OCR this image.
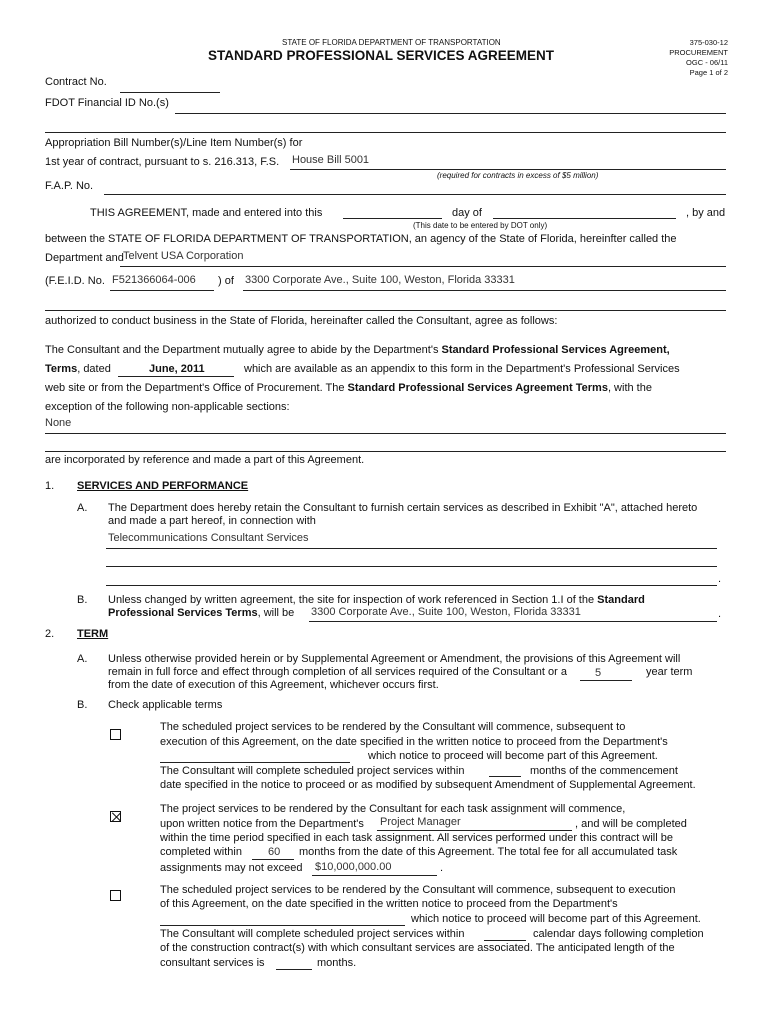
STATE OF FLORIDA DEPARTMENT OF TRANSPORTATION
STANDARD PROFESSIONAL SERVICES AGREEMENT
375-030-12
PROCUREMENT
OGC - 06/11
Page 1 of 2
Contract No.
FDOT Financial ID No.(s)
Appropriation Bill Number(s)/Line Item Number(s) for
1st year of contract, pursuant to s. 216.313, F.S. House Bill 5001
(required for contracts in excess of $5 million)
F.A.P. No.
THIS AGREEMENT, made and entered into this	day of	, by and
(This date to be entered by DOT only)
between the STATE OF FLORIDA DEPARTMENT OF TRANSPORTATION, an agency of the State of Florida, hereinfter called the
Department and Telvent USA Corporation
(F.E.I.D. No. F521366064-006 ) of 3300 Corporate Ave., Suite 100, Weston, Florida 33331
authorized to conduct business in the State of Florida, hereinafter called the Consultant, agree as follows:
The Consultant and the Department mutually agree to abide by the Department's Standard Professional Services Agreement,
Terms, dated	June, 2011	which are available as an appendix to this form in the Department's Professional Services
web site or from the Department's Office of Procurement. The Standard Professional Services Agreement Terms, with the
exception of the following non-applicable sections:
None
are incorporated by reference and made a part of this Agreement.
1. SERVICES AND PERFORMANCE
A. The Department does hereby retain the Consultant to furnish certain services as described in Exhibit "A", attached hereto
and made a part hereof, in connection with
Telecommunications Consultant Services
.
B. Unless changed by written agreement, the site for inspection of work referenced in Section 1.I of the Standard
Professional Services Terms, will be 3300 Corporate Ave., Suite 100, Weston, Florida 33331	.
2. TERM
A. Unless otherwise provided herein or by Supplemental Agreement or Amendment, the provisions of this Agreement will
remain in full force and effect through completion of all services required of the Consultant or a	5	year term
from the date of execution of this Agreement, whichever occurs first.
B. Check applicable terms
The scheduled project services to be rendered by the Consultant will commence, subsequent to
execution of this Agreement, on the date specified in the written notice to proceed from the Department's
which notice to proceed will become part of this Agreement.
The Consultant will complete scheduled project services within	months of the commencement
date specified in the notice to proceed or as modified by subsequent Amendment of Supplemental Agreement.
The project services to be rendered by the Consultant for each task assignment will commence,
upon written notice from the Department's Project Manager	, and will be completed
within the time period specified in each task assignment. All services performed under this contract will be
completed within 60 months from the date of this Agreement. The total fee for all accumulated task
assignments may not exceed $10,000,000.00	.
The scheduled project services to be rendered by the Consultant will commence, subsequent to execution
of this Agreement, on the date specified in the written notice to proceed from the Department's
which notice to proceed will become part of this Agreement.
The Consultant will complete scheduled project services within	calendar days following completion
of the construction contract(s) with which consultant services are associated. The anticipated length of the
consultant services is	months.
